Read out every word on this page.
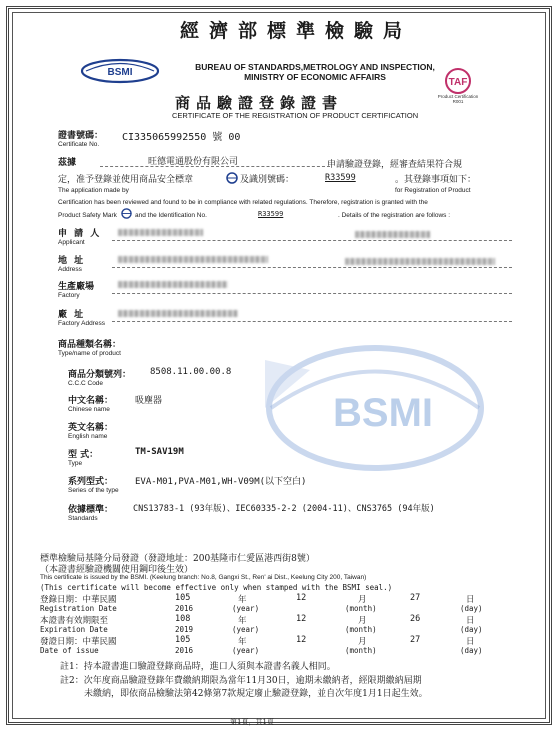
BSMI
TAF
Product Certification
R001
經濟部標準檢驗局
BUREAU OF STANDARDS,METROLOGY AND INSPECTION,
MINISTRY OF ECONOMIC AFFAIRS
商品驗證登錄證書
CERTIFICATE OF THE REGISTRATION OF PRODUCT CERTIFICATION
證書號碼： CI335065992550 號 00
Certificate No.
茲據	旺德電通股份有限公司	申請驗證登錄，經審查結果符合規
定，准予登錄並使用商品安全標章	及識別號碼：	R33599	。其登錄事項如下：
The application made by	for Registration of Product
Certification has been reviewed and found to be in compliance with related regulations. Therefore, registration is granted with the
Product Safety Mark	and the Identification No.	R33599	. Details of the registration are follows :
申 請 人
Applicant
地 址
Address
生產廠場
Factory
廠 址
Factory Address
BSMI
商品種類名稱：
Type/name of product
商品分類號列： 8508.11.00.00.8
C.C.C Code
中文名稱： 吸塵器
Chinese name
英文名稱：
English name
型 式：	TM-SAV19M
Type
系列型式： EVA-M01,PVA-M01,WH-V09M(以下空白)
Series of the type
依據標準： CNS13783-1 (93年版)、IEC60335-2-2 (2004-11)、CNS3765 (94年版)
Standards
標準檢驗局基隆分局發證（發證地址：200基隆市仁愛區港西街8號）
（本證書經驗證機關使用鋼印後生效）
This certificate is issued by the BSMI. (Keelung branch: No.8, Gangxi St., Ren' ai Dist., Keelung City 200, Taiwan)
(This certificate will become effective only when stamped with the BSMI seal.)
登錄日期：中華民國	105	年	12	月	27	日
Registration Date	2016	(year)	(month)	(day)
本證書有效期限至	108	年	12	月	26	日
Expiration Date	2019	(year)	(month)	(day)
發證日期：中華民國	105	年	12	月	27	日
Date of issue	2016	(year)	(month)	(day)
註1：持本證書進口驗證登錄商品時，進口人須與本證書名義人相同。
註2：次年度商品驗證登錄年費繳納期限為當年11月30日，逾期未繳納者，經限期繳納屆期
未繳納，即依商品檢驗法第42條第7款規定廢止驗證登錄，並自次年度1月1日起生效。
第1頁，共1頁
